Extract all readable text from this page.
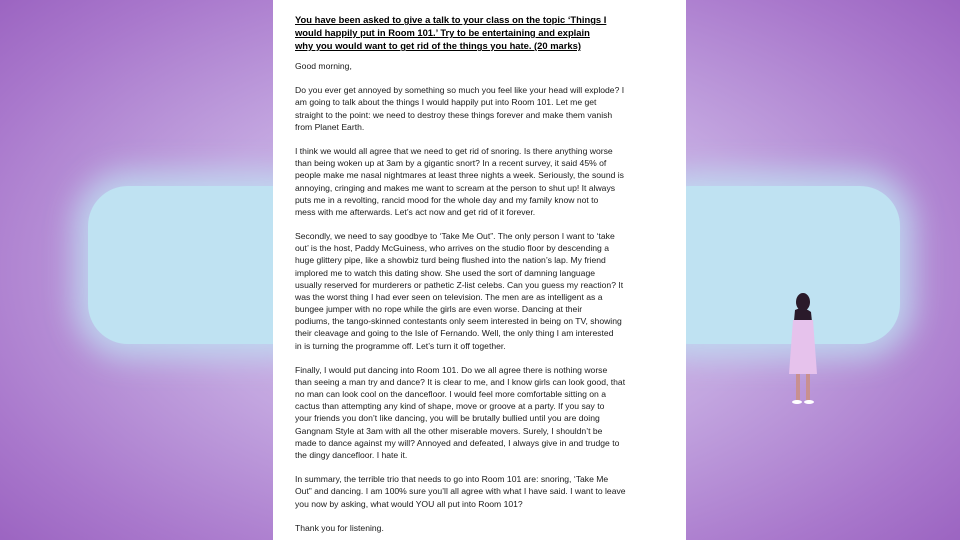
You have been asked to give a talk to your class on the topic ‘Things I
would happily put in Room 101.’ Try to be entertaining and explain
why you would want to get rid of the things you hate. (20 marks)
Good morning,
Do you ever get annoyed by something so much you feel like your head will explode? I
am going to talk about the things I would happily put into Room 101. Let me get
straight to the point: we need to destroy these things forever and make them vanish
from Planet Earth.
I think we would all agree that we need to get rid of snoring. Is there anything worse
than being woken up at 3am by a gigantic snort? In a recent survey, it said 45% of
people make me nasal nightmares at least three nights a week. Seriously, the sound is
annoying, cringing and makes me want to scream at the person to shut up! It always
puts me in a revolting, rancid mood for the whole day and my family know not to
mess with me afterwards. Let’s act now and get rid of it forever.
Secondly, we need to say goodbye to ‘Take Me Out”. The only person I want to ‘take
out’ is the host, Paddy McGuiness, who arrives on the studio floor by descending a
huge glittery pipe, like a showbiz turd being flushed into the nation’s lap. My friend
implored me to watch this dating show. She used the sort of damning language
usually reserved for murderers or pathetic Z-list celebs. Can you guess my reaction? It
was the worst thing I had ever seen on television. The men are as intelligent as a
bungee jumper with no rope while the girls are even worse. Dancing at their
podiums, the tango-skinned contestants only seem interested in being on TV, showing
their cleavage and going to the Isle of Fernando. Well, the only thing I am interested
in is turning the programme off. Let’s turn it off together.
Finally, I would put dancing into Room 101. Do we all agree there is nothing worse
than seeing a man try and dance? It is clear to me, and I know girls can look good, that
no man can look cool on the dancefloor. I would feel more comfortable sitting on a
cactus than attempting any kind of shape, move or groove at a party. If you say to
your friends you don’t like dancing, you will be brutally bullied until you are doing
Gangnam Style at 3am with all the other miserable movers. Surely, I shouldn’t be
made to dance against my will? Annoyed and defeated, I always give in and trudge to
the dingy dancefloor. I hate it.
In summary, the terrible trio that needs to go into Room 101 are: snoring, ‘Take Me
Out” and dancing. I am 100% sure you’ll all agree with what I have said. I want to leave
you now by asking, what would YOU all put into Room 101?
Thank you for listening.
